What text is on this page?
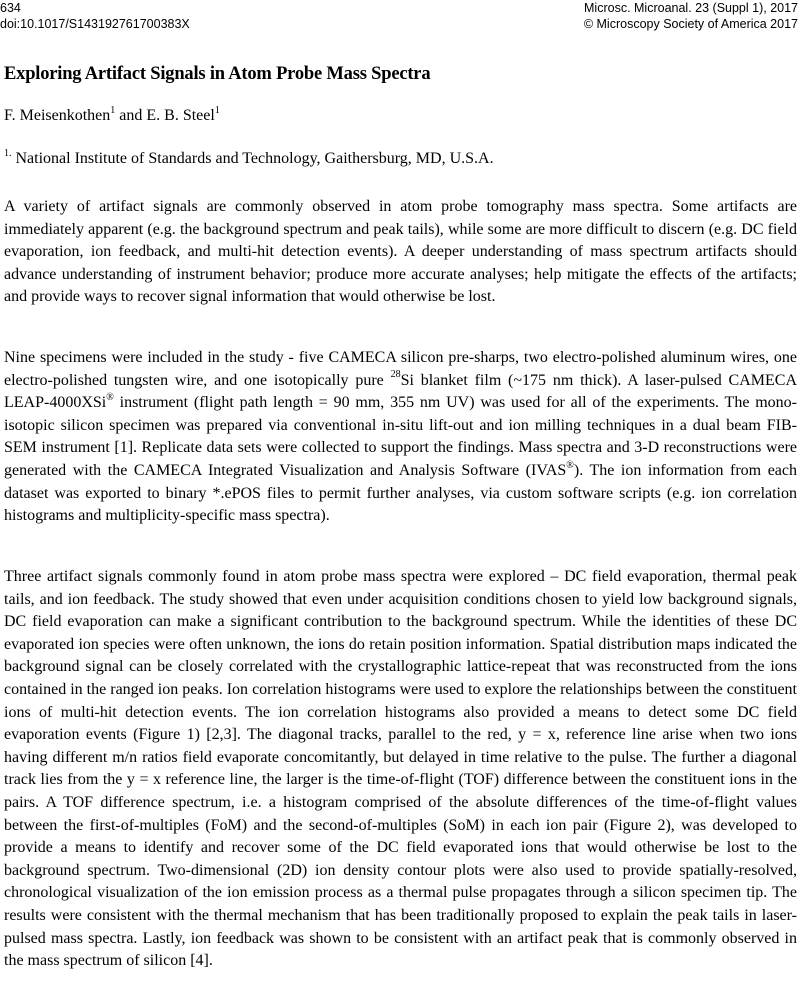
634
doi:10.1017/S143192761700383X
Microsc. Microanal. 23 (Suppl 1), 2017
© Microscopy Society of America 2017
Exploring Artifact Signals in Atom Probe Mass Spectra
F. Meisenkothen$^1$ and E. B. Steel$^1$
$^{1.}$ National Institute of Standards and Technology, Gaithersburg, MD, U.S.A.

A variety of artifact signals are commonly observed in atom probe tomography mass spectra. Some artifacts are immediately apparent (e.g. the background spectrum and peak tails), while some are more difficult to discern (e.g. DC field evaporation, ion feedback, and multi-hit detection events). A deeper understanding of mass spectrum artifacts should advance understanding of instrument behavior; produce more accurate analyses; help mitigate the effects of the artifacts; and provide ways to recover signal information that would otherwise be lost.

Nine specimens were included in the study - five CAMECA silicon pre-sharps, two electro-polished aluminum wires, one electro-polished tungsten wire, and one isotopically pure $^{28}$Si blanket film (~175 nm thick). A laser-pulsed CAMECA LEAP-4000XSi® instrument (flight path length = 90 mm, 355 nm UV) was used for all of the experiments. The mono-isotopic silicon specimen was prepared via conventional in-situ lift-out and ion milling techniques in a dual beam FIB-SEM instrument [1]. Replicate data sets were collected to support the findings. Mass spectra and 3-D reconstructions were generated with the CAMECA Integrated Visualization and Analysis Software (IVAS®). The ion information from each dataset was exported to binary *.ePOS files to permit further analyses, via custom software scripts (e.g. ion correlation histograms and multiplicity-specific mass spectra).

Three artifact signals commonly found in atom probe mass spectra were explored – DC field evaporation, thermal peak tails, and ion feedback. The study showed that even under acquisition conditions chosen to yield low background signals, DC field evaporation can make a significant contribution to the background spectrum. While the identities of these DC evaporated ion species were often unknown, the ions do retain position information. Spatial distribution maps indicated the background signal can be closely correlated with the crystallographic lattice-repeat that was reconstructed from the ions contained in the ranged ion peaks. Ion correlation histograms were used to explore the relationships between the constituent ions of multi-hit detection events. The ion correlation histograms also provided a means to detect some DC field evaporation events (Figure 1) [2,3]. The diagonal tracks, parallel to the red, y = x, reference line arise when two ions having different m/n ratios field evaporate concomitantly, but delayed in time relative to the pulse. The further a diagonal track lies from the y = x reference line, the larger is the time-of-flight (TOF) difference between the constituent ions in the pairs. A TOF difference spectrum, i.e. a histogram comprised of the absolute differences of the time-of-flight values between the first-of-multiples (FoM) and the second-of-multiples (SoM) in each ion pair (Figure 2), was developed to provide a means to identify and recover some of the DC field evaporated ions that would otherwise be lost to the background spectrum. Two-dimensional (2D) ion density contour plots were also used to provide spatially-resolved, chronological visualization of the ion emission process as a thermal pulse propagates through a silicon specimen tip. The results were consistent with the thermal mechanism that has been traditionally proposed to explain the peak tails in laser-pulsed mass spectra. Lastly, ion feedback was shown to be consistent with an artifact peak that is commonly observed in the mass spectrum of silicon [4].
